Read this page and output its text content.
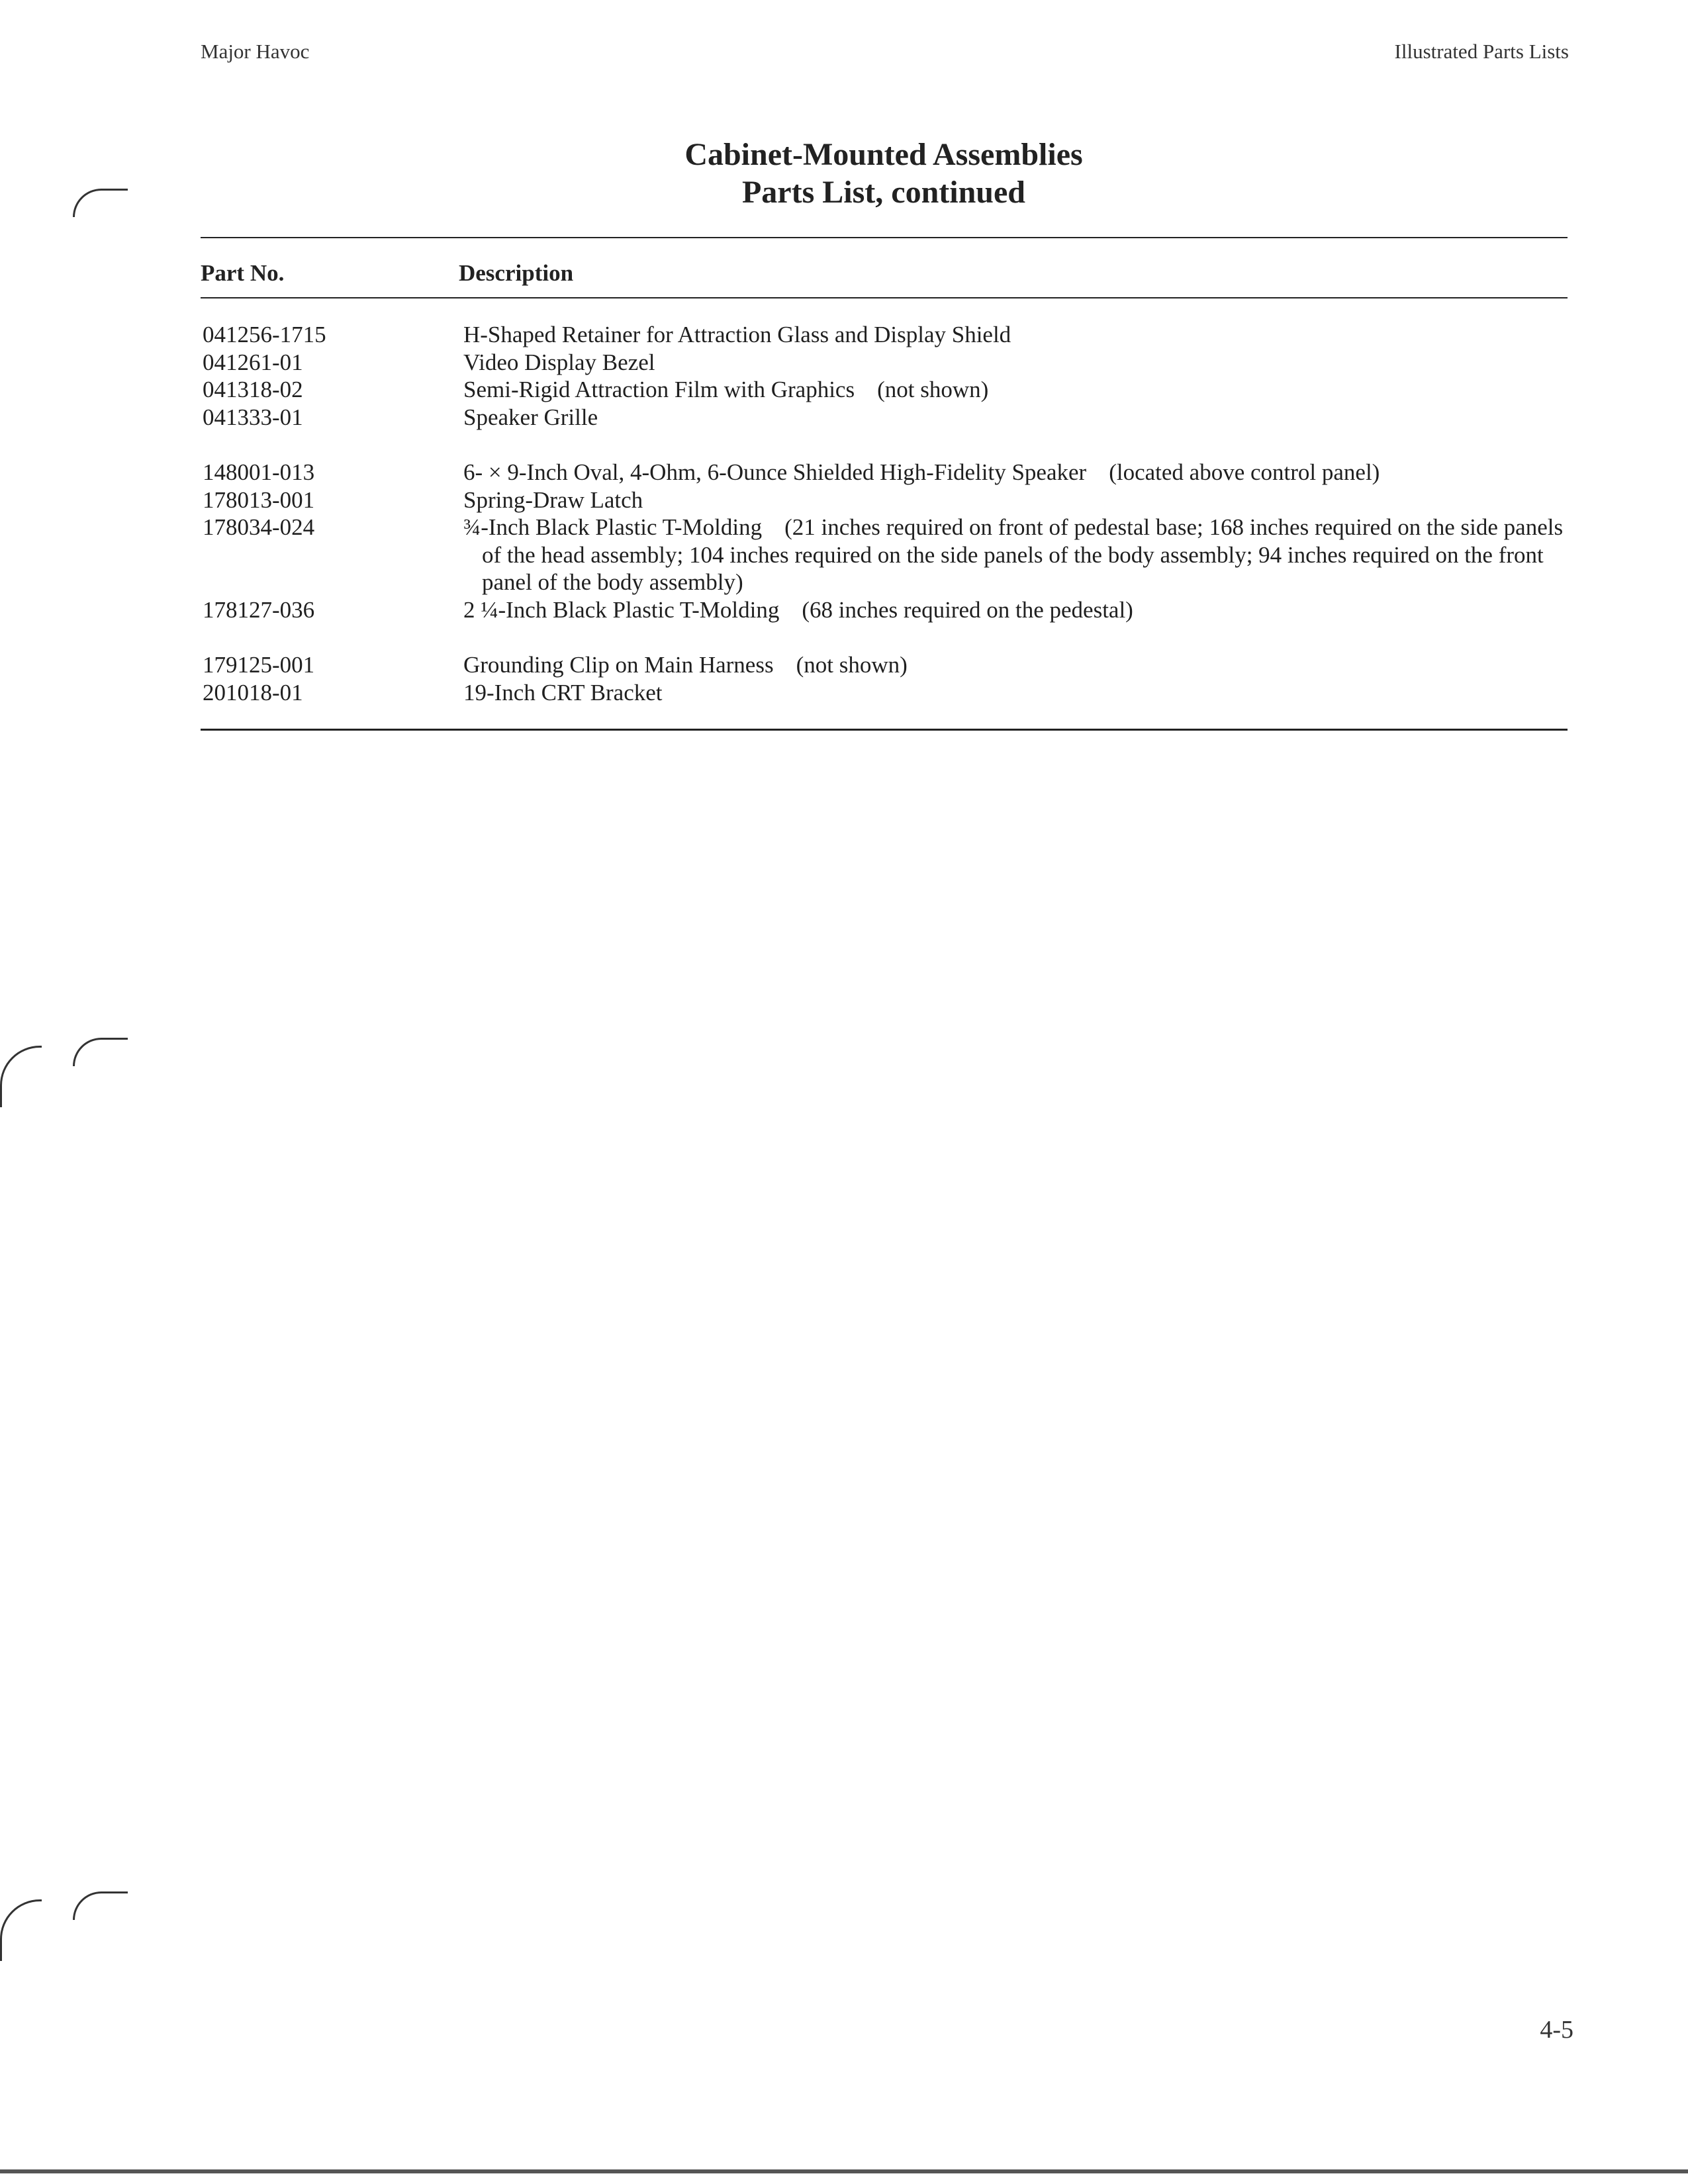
Major Havoc	Illustrated Parts Lists
Cabinet-Mounted Assemblies
Parts List, continued
Part No.	Description
041256-1715	H-Shaped Retainer for Attraction Glass and Display Shield
041261-01	Video Display Bezel
041318-02	Semi-Rigid Attraction Film with Graphics (not shown)
041333-01	Speaker Grille
148001-013	6- × 9-Inch Oval, 4-Ohm, 6-Ounce Shielded High-Fidelity Speaker (located above control panel)
178013-001	Spring-Draw Latch
178034-024	¾-Inch Black Plastic T-Molding (21 inches required on front of pedestal base; 168 inches required on the side panels of the head assembly; 104 inches required on the side panels of the body assembly; 94 inches required on the front panel of the body assembly)
178127-036	2 ¼-Inch Black Plastic T-Molding (68 inches required on the pedestal)
179125-001	Grounding Clip on Main Harness (not shown)
201018-01	19-Inch CRT Bracket
4-5
